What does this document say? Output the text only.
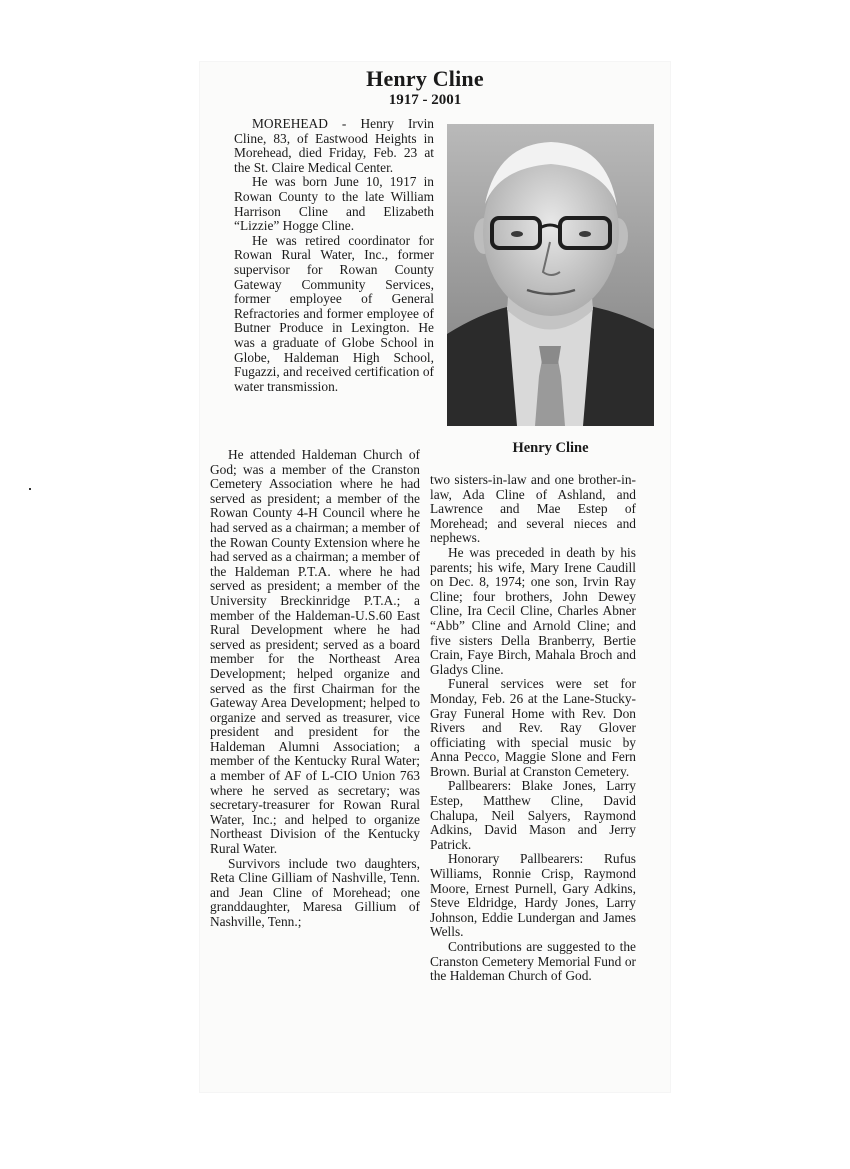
Henry Cline
1917 - 2001

MOREHEAD - Henry Irvin Cline, 83, of Eastwood Heights in Morehead, died Friday, Feb. 23 at the St. Claire Medical Center.

He was born June 10, 1917 in Rowan County to the late William Harrison Cline and Elizabeth “Lizzie” Hogge Cline.

He was retired coordinator for Rowan Rural Water, Inc., former supervisor for Rowan County Gateway Community Services, former employee of General Refractories and former employee of Butner Produce in Lexington. He was a graduate of Globe School in Globe, Haldeman High School, Fugazzi, and received certification of water transmission.

He attended Haldeman Church of God; was a member of the Cranston Cemetery Association where he had served as president; a member of the Rowan County 4-H Council where he had served as a chairman; a member of the Rowan County Extension where he had served as a chairman; a member of the Haldeman P.T.A. where he had served as president; a member of the University Breckinridge P.T.A.; a member of the Haldeman-U.S.60 East Rural Development where he had served as president; served as a board member for the Northeast Area Development; helped organize and served as the first Chairman for the Gateway Area Development; helped to organize and served as treasurer, vice president and president for the Haldeman Alumni Association; a member of the Kentucky Rural Water; a member of AF of L-CIO Union 763 where he served as secretary; was secretary-treasurer for Rowan Rural Water, Inc.; and helped to organize Northeast Division of the Kentucky Rural Water.

Survivors include two daughters, Reta Cline Gilliam of Nashville, Tenn. and Jean Cline of Morehead; one granddaughter, Maresa Gillium of Nashville, Tenn.;

Henry Cline

two sisters-in-law and one brother-in-law, Ada Cline of Ashland, and Lawrence and Mae Estep of Morehead; and several nieces and nephews.

He was preceded in death by his parents; his wife, Mary Irene Caudill on Dec. 8, 1974; one son, Irvin Ray Cline; four brothers, John Dewey Cline, Ira Cecil Cline, Charles Abner “Abb” Cline and Arnold Cline; and five sisters Della Branberry, Bertie Crain, Faye Birch, Mahala Broch and Gladys Cline.

Funeral services were set for Monday, Feb. 26 at the Lane-Stucky-Gray Funeral Home with Rev. Don Rivers and Rev. Ray Glover officiating with special music by Anna Pecco, Maggie Slone and Fern Brown. Burial at Cranston Cemetery.

Pallbearers: Blake Jones, Larry Estep, Matthew Cline, David Chalupa, Neil Salyers, Raymond Adkins, David Mason and Jerry Patrick.

Honorary Pallbearers: Rufus Williams, Ronnie Crisp, Raymond Moore, Ernest Purnell, Gary Adkins, Steve Eldridge, Hardy Jones, Larry Johnson, Eddie Lundergan and James Wells.

Contributions are suggested to the Cranston Cemetery Memorial Fund or the Haldeman Church of God.
